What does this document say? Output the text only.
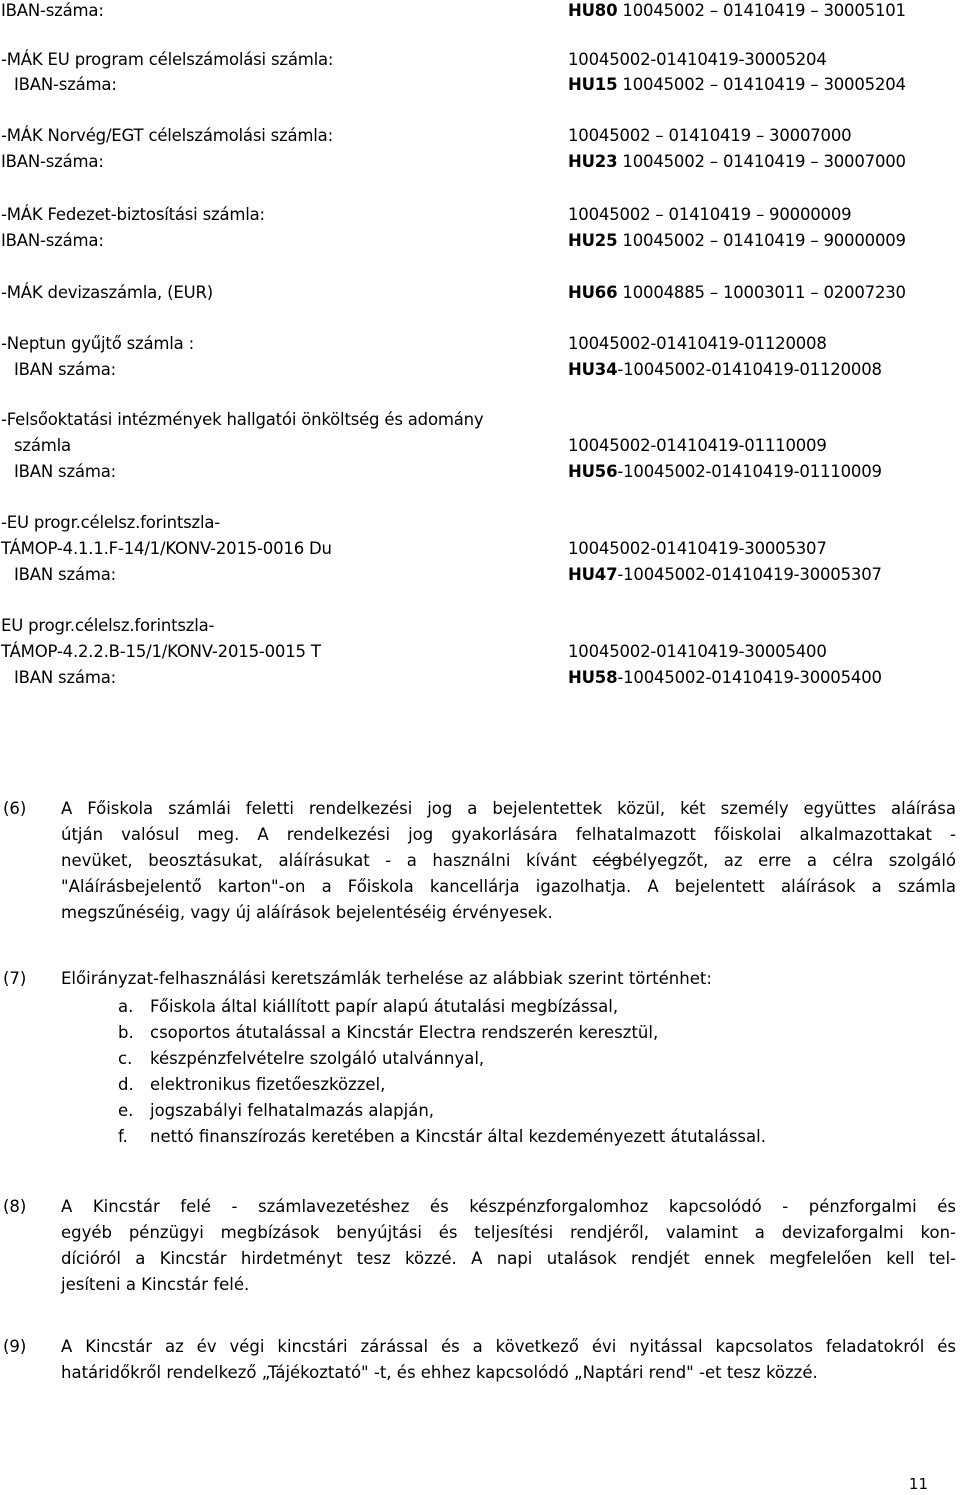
IBAN-száma:	HU80 10045002 – 01410419 – 30005101
-MÁK EU program célelszámolási számla:	10045002-01410419-30005204
IBAN-száma:	HU15 10045002 – 01410419 – 30005204
-MÁK Norvég/EGT célelszámolási számla:	10045002 – 01410419 – 30007000
IBAN-száma:	HU23 10045002 – 01410419 – 30007000
-MÁK Fedezet-biztosítási számla:	10045002 – 01410419 – 90000009
IBAN-száma:	HU25 10045002 – 01410419 – 90000009
-MÁK devizaszámla, (EUR)	HU66 10004885 – 10003011 – 02007230
-Neptun gyűjtő számla :	10045002-01410419-01120008
IBAN száma:	HU34-10045002-01410419-01120008
-Felsőoktatási intézmények hallgatói önköltség és adomány
számla	10045002-01410419-01110009
IBAN száma:	HU56-10045002-01410419-01110009
-EU progr.célelsz.forintszla-
TÁMOP-4.1.1.F-14/1/KONV-2015-0016 Du	10045002-01410419-30005307
IBAN száma:	HU47-10045002-01410419-30005307
EU progr.célelsz.forintszla-
TÁMOP-4.2.2.B-15/1/KONV-2015-0015 T	10045002-01410419-30005400
IBAN száma:	HU58-10045002-01410419-30005400
(6) A Főiskola számlái feletti rendelkezési jog a bejelentettek közül, két személy együttes aláírása
útján valósul meg. A rendelkezési jog gyakorlására felhatalmazott főiskolai alkalmazottakat -
nevüket, beosztásukat, aláírásukat - a használni kívánt cégbélyegzőt, az erre a célra szolgáló
"Aláírásbejelentő karton"-on a Főiskola kancellárja igazolhatja. A bejelentett aláírások a számla
megszűnéséig, vagy új aláírások bejelentéséig érvényesek.
(7) Előirányzat-felhasználási keretszámlák terhelése az alábbiak szerint történhet:
a. Főiskola által kiállított papír alapú átutalási megbízással,
b. csoportos átutalással a Kincstár Electra rendszerén keresztül,
c. készpénzfelvételre szolgáló utalvánnyal,
d. elektronikus fizetőeszközzel,
e. jogszabályi felhatalmazás alapján,
f. nettó finanszírozás keretében a Kincstár által kezdeményezett átutalással.
(8) A Kincstár felé - számlavezetéshez és készpénzforgalomhoz kapcsolódó - pénzforgalmi és
egyéb pénzügyi megbízások benyújtási és teljesítési rendjéről, valamint a devizaforgalmi kon-
dícióról a Kincstár hirdetményt tesz közzé. A napi utalások rendjét ennek megfelelően kell tel-
jesíteni a Kincstár felé.
(9) A Kincstár az év végi kincstári zárással és a következő évi nyitással kapcsolatos feladatokról és
határidőkről rendelkező „Tájékoztató" -t, és ehhez kapcsolódó „Naptári rend" -et tesz közzé.
11
